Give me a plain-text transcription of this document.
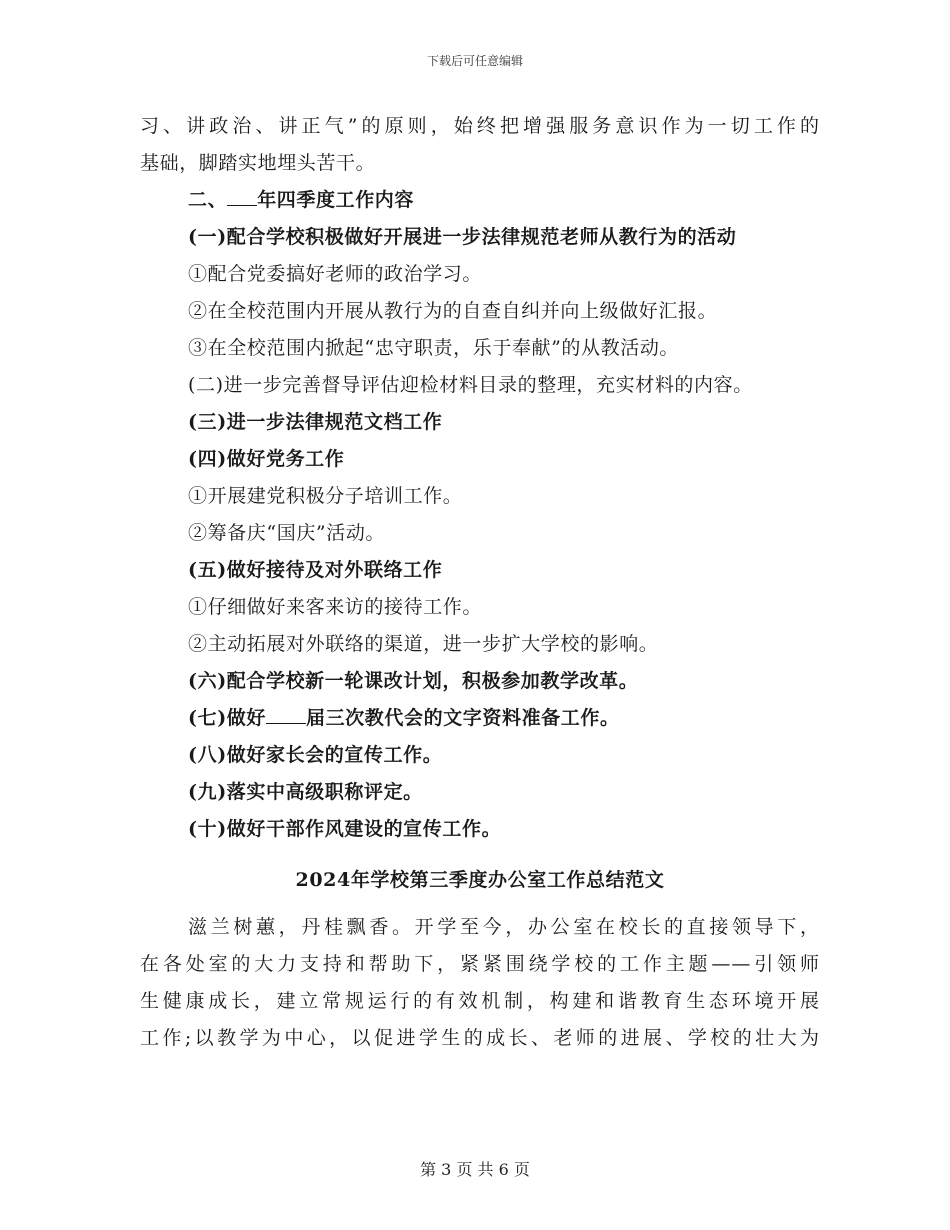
下载后可任意编辑
习、讲政治、讲正气”的原则，始终把增强服务意识作为一切工作的
基础，脚踏实地埋头苦干。
二、 年四季度工作内容
(一)配合学校积极做好开展进一步法律规范老师从教行为的活动
①配合党委搞好老师的政治学习。
②在全校范围内开展从教行为的自查自纠并向上级做好汇报。
③在全校范围内掀起“忠守职责，乐于奉献”的从教活动。
(二)进一步完善督导评估迎检材料目录的整理，充实材料的内容。
(三)进一步法律规范文档工作
(四)做好党务工作
①开展建党积极分子培训工作。
②筹备庆“国庆”活动。
(五)做好接待及对外联络工作
①仔细做好来客来访的接待工作。
②主动拓展对外联络的渠道，进一步扩大学校的影响。
(六)配合学校新一轮课改计划，积极参加教学改革。
(七)做好 届三次教代会的文字资料准备工作。
(八)做好家长会的宣传工作。
(九)落实中高级职称评定。
(十)做好干部作风建设的宣传工作。
2024年学校第三季度办公室工作总结范文
滋兰树蕙，丹桂飘香。开学至今，办公室在校长的直接领导下，
在各处室的大力支持和帮助下，紧紧围绕学校的工作主题——引领师
生健康成长，建立常规运行的有效机制，构建和谐教育生态环境开展
工作;以教学为中心，以促进学生的成长、老师的进展、学校的壮大为
第 3 页 共 6 页
